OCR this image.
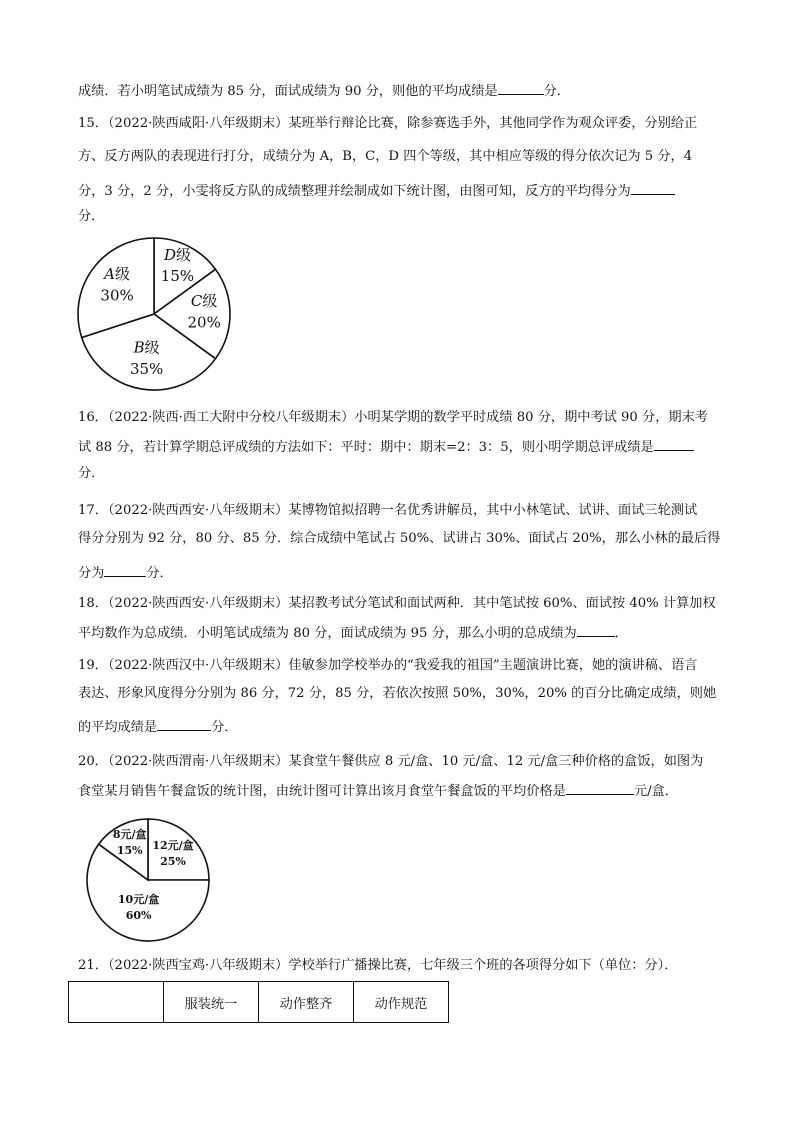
成绩．若小明笔试成绩为 85 分，面试成绩为 90 分，则他的平均成绩是	分．
15．（2022·陕西咸阳·八年级期末）某班举行辩论比赛，除参赛选手外，其他同学作为观众评委，分别给正
方、反方两队的表现进行打分，成绩分为 A，B，C，D 四个等级，其中相应等级的得分依次记为 5 分，4
分，3 分，2 分，小雯将反方队的成绩整理并绘制成如下统计图，由图可知，反方的平均得分为
分．
D级
15%
C级
20%
B级
35%
A级
30%
16．（2022·陕西·西工大附中分校八年级期末）小明某学期的数学平时成绩 80 分，期中考试 90 分，期末考
试 88 分，若计算学期总评成绩的方法如下：平时：期中：期末=2：3：5，则小明学期总评成绩是
分．
17．（2022·陕西西安·八年级期末）某博物馆拟招聘一名优秀讲解员，其中小林笔试、试讲、面试三轮测试
得分分别为 92 分，80 分、85 分．综合成绩中笔试占 50%、试讲占 30%、面试占 20%，那么小林的最后得
分为	分．
18．（2022·陕西西安·八年级期末）某招教考试分笔试和面试两种．其中笔试按 60%、面试按 40% 计算加权
平均数作为总成绩．小明笔试成绩为 80 分，面试成绩为 95 分，那么小明的总成绩为	．
19．（2022·陕西汉中·八年级期末）佳敏参加学校举办的“我爱我的祖国”主题演讲比赛，她的演讲稿、语言
表达、形象风度得分分别为 86 分，72 分，85 分，若依次按照 50%，30%，20% 的百分比确定成绩，则她
的平均成绩是	分．
20．（2022·陕西渭南·八年级期末）某食堂午餐供应 8 元/盒、10 元/盒、12 元/盒三种价格的盒饭，如图为
食堂某月销售午餐盒饭的统计图，由统计图可计算出该月食堂午餐盒饭的平均价格是	元/盒．
12元/盒
25%
10元/盒
60%
8元/盒
15%
21．（2022·陕西宝鸡·八年级期末）学校举行广播操比赛，七年级三个班的各项得分如下（单位：分）．
	服装统一	动作整齐	动作规范
